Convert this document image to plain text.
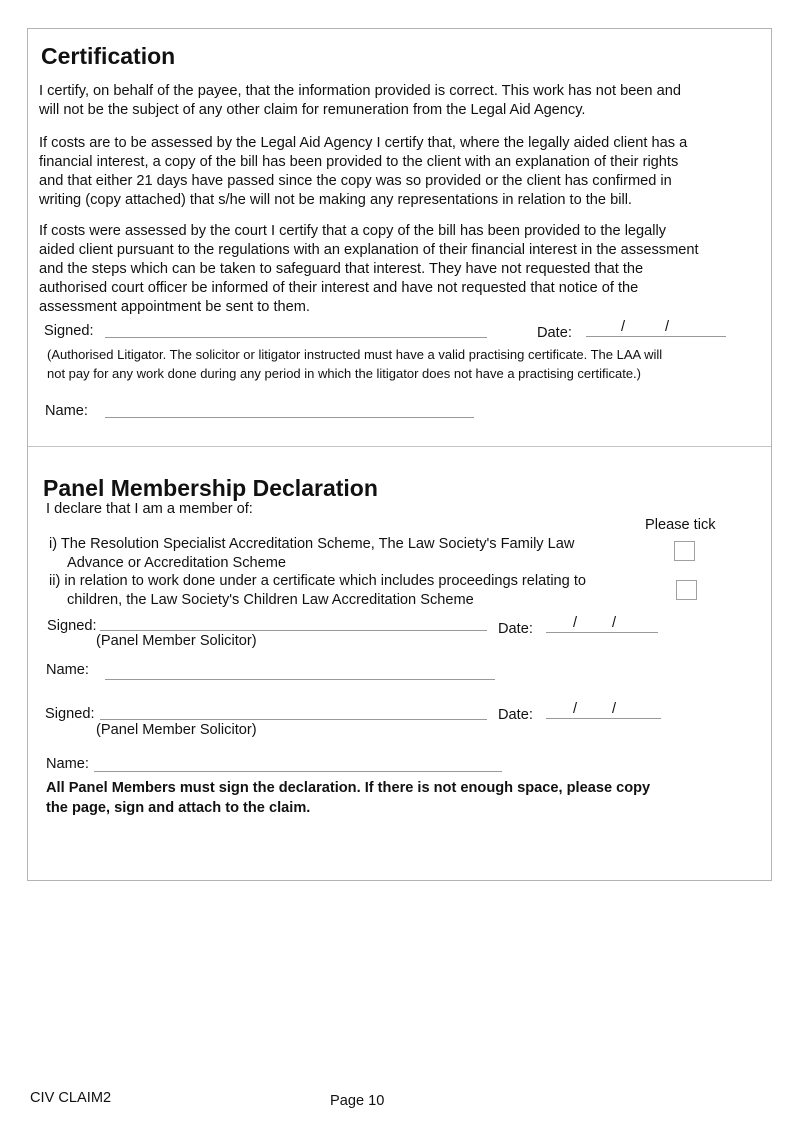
Certification

I certify, on behalf of the payee, that the information provided is correct. This work has not been and

will not be the subject of any other claim for remuneration from the Legal Aid Agency.

If costs are to be assessed by the Legal Aid Agency I certify that, where the legally aided client has a

financial interest, a copy of the bill has been provided to the client with an explanation of their rights

and that either 21 days have passed since the copy was so provided or the client has confirmed in

writing (copy attached) that s/he will not be making any representations in relation to the bill.

If costs were assessed by the court I certify that a copy of the bill has been provided to the legally

aided client pursuant to the regulations with an explanation of their financial interest in the assessment

and the steps which can be taken to safeguard that interest. They have not requested that the

authorised court officer be informed of their interest and have not requested that notice of the

assessment appointment be sent to them.

Signed:	Date:	/	/
(Authorised Litigator. The solicitor or litigator instructed must have a valid practising certificate. The LAA will
not pay for any work done during any period in which the litigator does not have a practising certificate.)
Name:
Panel Membership Declaration
I declare that I am a member of:
Please tick
i) The Resolution Specialist Accreditation Scheme, The Law Society's Family Law
Advance or Accreditation Scheme
ii) in relation to work done under a certificate which includes proceedings relating to
children, the Law Society's Children Law Accreditation Scheme
Signed:
(Panel Member Solicitor)
Date:	/ /
Name:
Signed:
(Panel Member Solicitor)
Date:	/ /
Name:
All Panel Members must sign the declaration. If there is not enough space, please copy
the page, sign and attach to the claim.
CIV CLAIM2	Page 10
